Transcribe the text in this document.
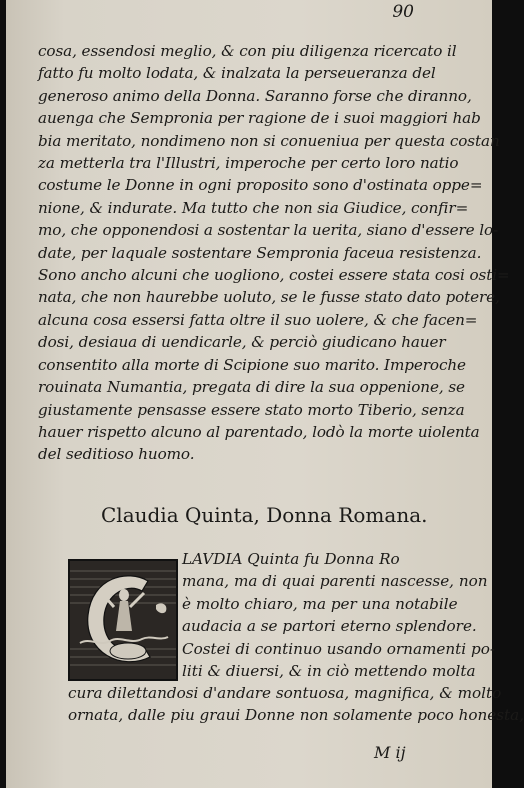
90
cosa, essendosi meglio, & con piu diligenza ricercato il
fatto fu molto lodata, & inalzata la perseueranza del
generoso animo della Donna. Saranno forse che diranno,
auenga che Sempronia per ragione de i suoi maggiori hab
bia meritato, nondimeno non si conueniua per questa costan
za metterla tra l'Illustri, imperoche per certo loro natio
costume le Donne in ogni proposito sono d'ostinata oppe=
nione, & indurate. Ma tutto che non sia Giudice, confir=
mo, che opponendosi a sostentar la uerita, siano d'essere lo-
date, per laquale sostentare Sempronia faceua resistenza.
Sono ancho alcuni che uogliono, costei essere stata cosi osti=
nata, che non haurebbe uoluto, se le fusse stato dato potere,
alcuna cosa essersi fatta oltre il suo uolere, & che facen=
dosi, desiaua di uendicarle, & perciò giudicano hauer
consentito alla morte di Scipione suo marito. Imperoche
rouinata Numantia, pregata di dire la sua oppenione, se
giustamente pensasse essere stato morto Tiberio, senza
hauer rispetto alcuno al parentado, lodò la morte uiolenta
del seditioso huomo.
Claudia Quinta, Donna Romana.
LAVDIA Quinta fu Donna Ro
mana, ma di quai parenti nascesse, non
è molto chiaro, ma per una notabile
audacia a se partori eterno splendore.
Costei di continuo usando ornamenti po-
liti & diuersi, & in ciò mettendo molta
cura dilettandosi d'andare sontuosa, magnifica, & molto
ornata, dalle piu graui Donne non solamente poco honesta,
M ij
